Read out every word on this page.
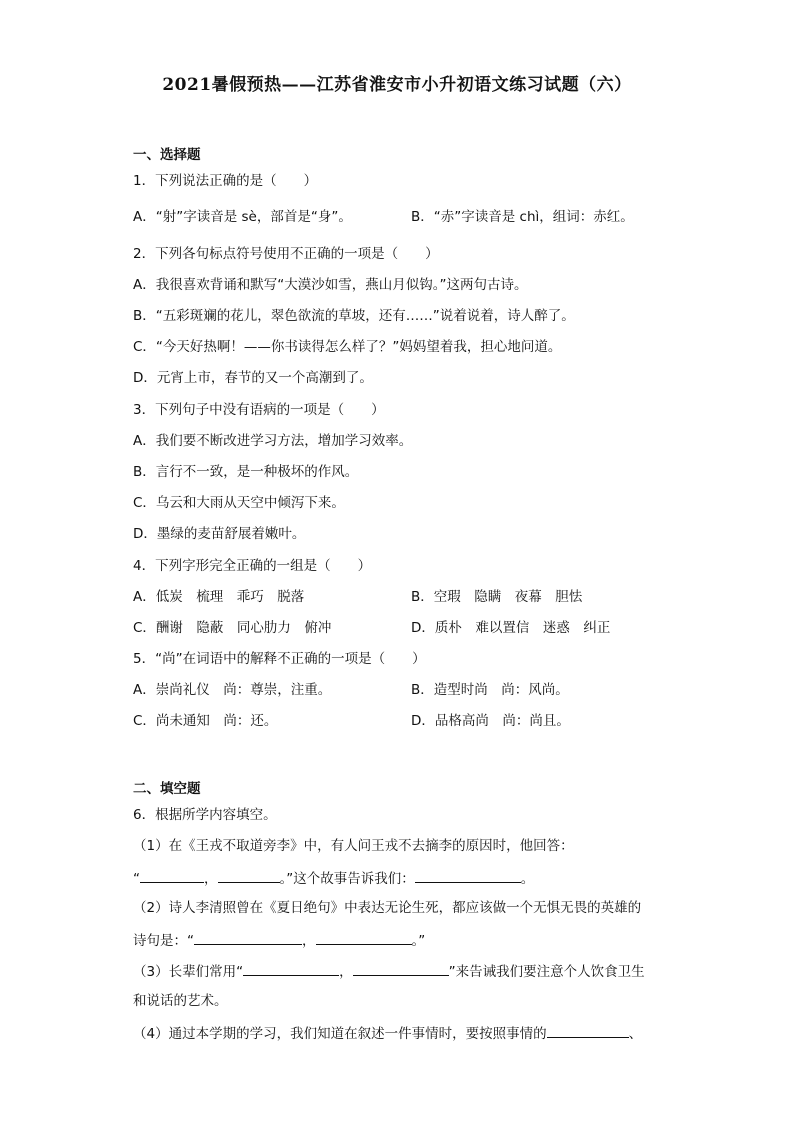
2021暑假预热——江苏省淮安市小升初语文练习试题（六）
一、选择题
1．下列说法正确的是（　　）
A．“射”字读音是 sè，部首是“身”。	B．“赤”字读音是 chì，组词：赤红。
2．下列各句标点符号使用不正确的一项是（　　）
A．我很喜欢背诵和默写“大漠沙如雪，燕山月似钩。”这两句古诗。
B．“五彩斑斓的花儿，翠色欲流的草坡，还有……”说着说着，诗人醉了。
C．“今天好热啊！——你书读得怎么样了？”妈妈望着我，担心地问道。
D．元宵上市，春节的又一个高潮到了。
3．下列句子中没有语病的一项是（　　）
A．我们要不断改进学习方法，增加学习效率。
B．言行不一致，是一种极坏的作风。
C．乌云和大雨从天空中倾泻下来。
D．墨绿的麦苗舒展着嫩叶。
4．下列字形完全正确的一组是（　　）
A．低炭　梳理　乖巧　脱落	B．空瑕　隐瞒　夜幕　胆怯
C．酬谢　隐蔽　同心肋力　俯冲	D．质朴　难以置信　迷惑　纠正
5．“尚”在词语中的解释不正确的一项是（　　）
A．崇尚礼仪　尚：尊崇，注重。	B．造型时尚　尚：风尚。
C．尚未通知　尚：还。	D．品格高尚　尚：尚且。
二、填空题
6．根据所学内容填空。
（1）在《王戎不取道旁李》中，有人问王戎不去摘李的原因时，他回答：
“	，	。”这个故事告诉我们：	。
（2）诗人李清照曾在《夏日绝句》中表达无论生死，都应该做一个无惧无畏的英雄的
诗句是：“	，	。”
（3）长辈们常用“	，	”来告诫我们要注意个人饮食卫生
和说话的艺术。
（4）通过本学期的学习，我们知道在叙述一件事情时，要按照事情的	、
